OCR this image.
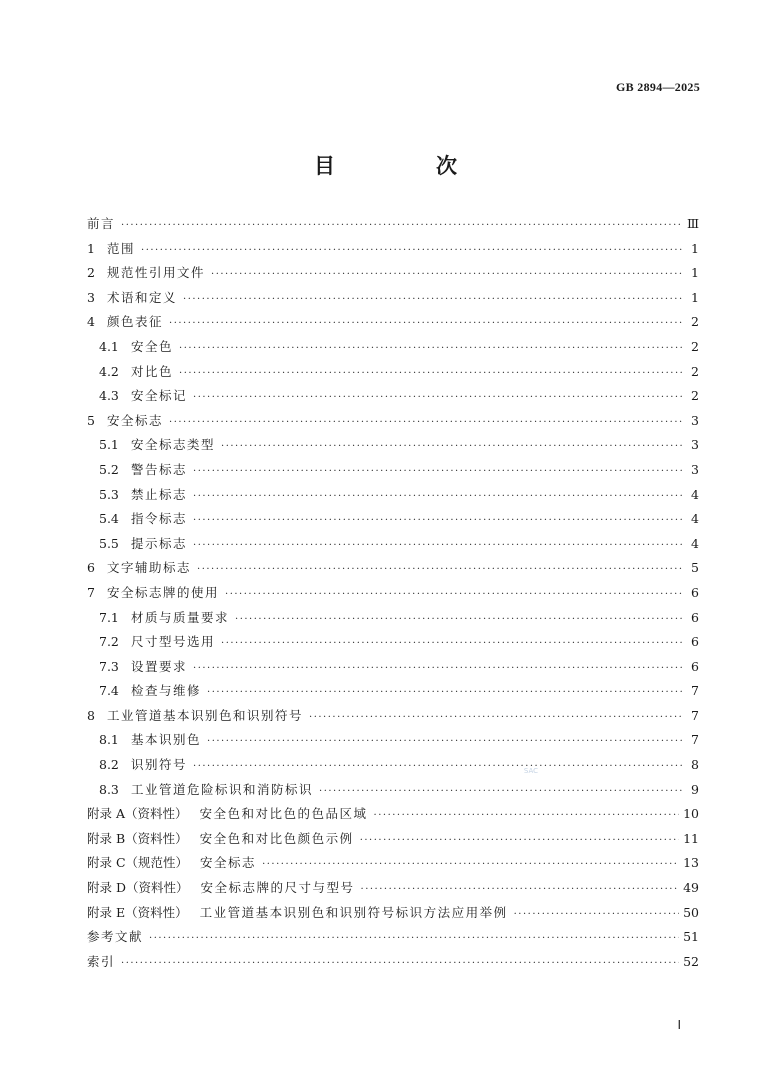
GB 2894—2025
目　次
前言 ·····	Ⅲ
1 范围 ·····	1
2 规范性引用文件 ·····	1
3 术语和定义 ·····	1
4 颜色表征 ·····	2
4.1 安全色 ·····	2
4.2 对比色 ·····	2
4.3 安全标记 ·····	2
5 安全标志 ·····	3
5.1 安全标志类型 ·····	3
5.2 警告标志 ·····	3
5.3 禁止标志 ·····	4
5.4 指令标志 ·····	4
5.5 提示标志 ·····	4
6 文字辅助标志 ·····	5
7 安全标志牌的使用 ·····	6
7.1 材质与质量要求 ·····	6
7.2 尺寸型号选用 ·····	6
7.3 设置要求 ·····	6
7.4 检查与维修 ·····	7
8 工业管道基本识别色和识别符号 ·····	7
8.1 基本识别色 ·····	7
8.2 识别符号 ·····	8
8.3 工业管道危险标识和消防标识 ·····	9
附录 A（资料性） 安全色和对比色的色品区域 ·····	10
附录 B（资料性） 安全色和对比色颜色示例 ·····	11
附录 C（规范性） 安全标志 ·····	13
附录 D（资料性） 安全标志牌的尺寸与型号 ·····	49
附录 E（资料性） 工业管道基本识别色和识别符号标识方法应用举例 ·····	50
参考文献 ·····	51
索引 ·····	52
SAC
Ⅰ
